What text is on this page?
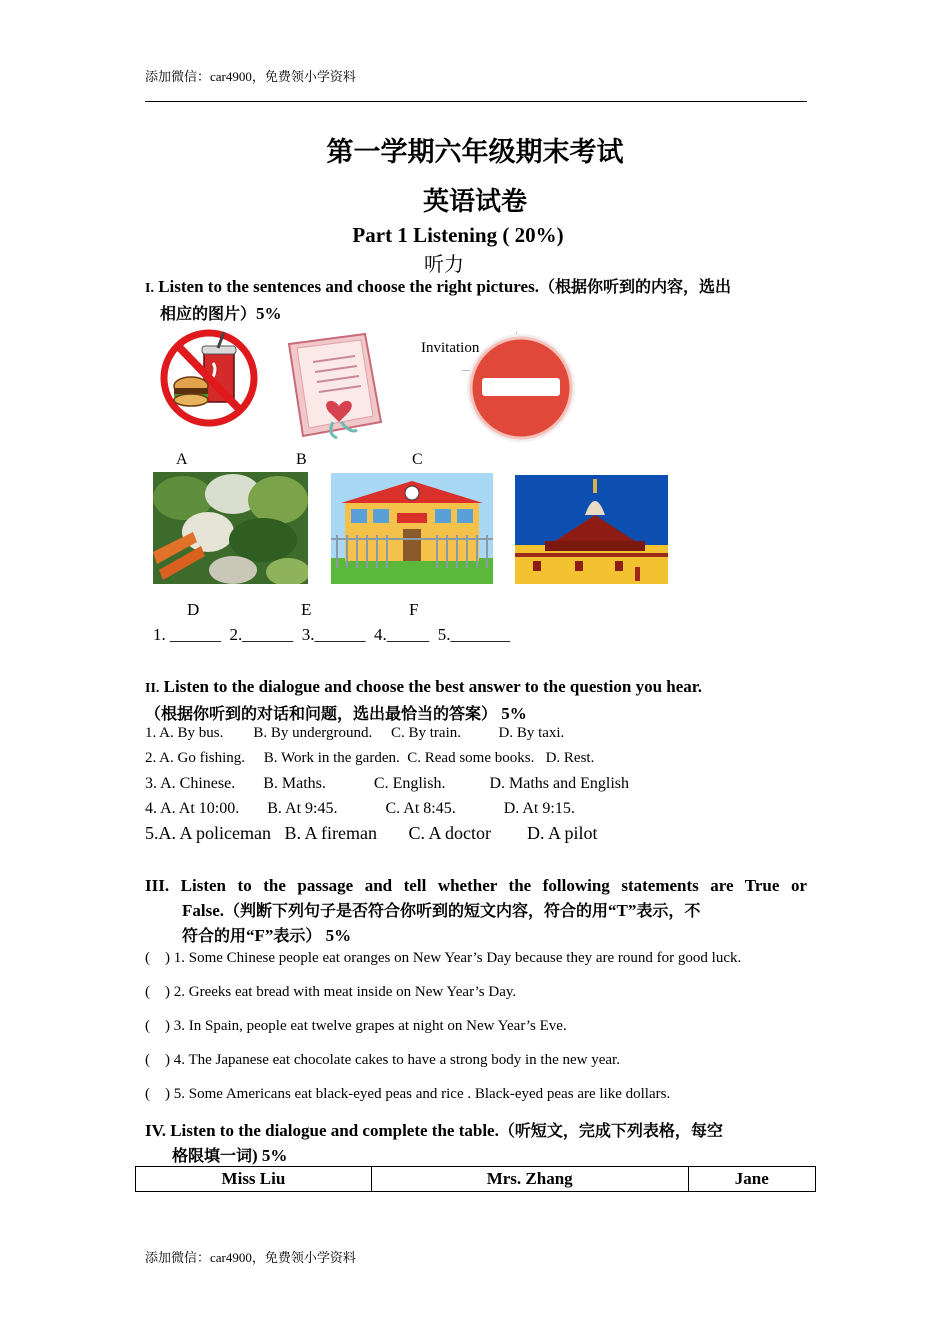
添加微信：car4900，免费领小学资料
第一学期六年级期末考试
英语试卷
Part 1 Listening ( 20%)
听力
I. Listen to the sentences and choose the right pictures.（根据你听到的内容，选出
相应的图片）5%
Invitation
A	B	C
D	E	F
1. ______  2.______  3.______  4._____  5._______
II. Listen to the dialogue and choose the best answer to the question you hear.
（根据你听到的对话和问题，选出最恰当的答案） 5%
1. A. By bus.        B. By underground.     C. By train.          D. By taxi.
2. A. Go fishing.     B. Work in the garden.  C. Read some books.   D. Rest.
3. A. Chinese.       B. Maths.            C. English.           D. Maths and English
4. A. At 10:00.       B. At 9:45.            C. At 8:45.            D. At 9:15.
5.A. A policeman   B. A fireman       C. A doctor        D. A pilot
III. Listen to the passage and tell whether the following statements are True or
False.（判断下列句子是否符合你听到的短文内容，符合的用“T”表示，不
符合的用“F”表示） 5%
(    ) 1. Some Chinese people eat oranges on New Year’s Day because they are round for good luck.
(    ) 2. Greeks eat bread with meat inside on New Year’s Day.
(    ) 3. In Spain, people eat twelve grapes at night on New Year’s Eve.
(    ) 4. The Japanese eat chocolate cakes to have a strong body in the new year.
(    ) 5. Some Americans eat black-eyed peas and rice . Black-eyed peas are like dollars.
IV. Listen to the dialogue and complete the table.（听短文，完成下列表格，每空
格限填一词) 5%
Miss Liu	Mrs. Zhang	Jane
添加微信：car4900，免费领小学资料
